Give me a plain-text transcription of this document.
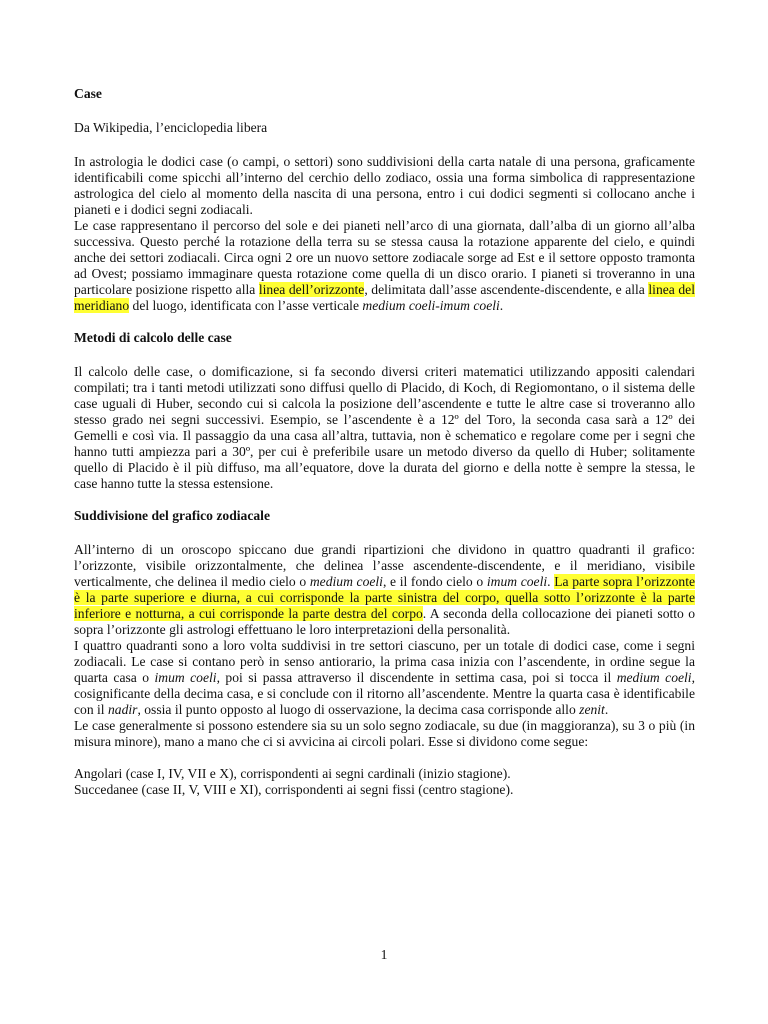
Case

Da Wikipedia, l’enciclopedia libera

In astrologia le dodici case (o campi, o settori) sono suddivisioni della carta natale di una persona, graficamente identificabili come spicchi all’interno del cerchio dello zodiaco, ossia una forma simbolica di rappresentazione astrologica del cielo al momento della nascita di una persona, entro i cui dodici segmenti si collocano anche i pianeti e i dodici segni zodiacali.

Le case rappresentano il percorso del sole e dei pianeti nell’arco di una giornata, dall’alba di un giorno all’alba successiva. Questo perché la rotazione della terra su se stessa causa la rotazione apparente del cielo, e quindi anche dei settori zodiacali. Circa ogni 2 ore un nuovo settore zodiacale sorge ad Est e il settore opposto tramonta ad Ovest; possiamo immaginare questa rotazione come quella di un disco orario. I pianeti si troveranno in una particolare posizione rispetto alla linea dell’orizzonte, delimitata dall’asse ascendente-discendente, e alla linea del meridiano del luogo, identificata con l’asse verticale medium coeli-imum coeli.

Metodi di calcolo delle case

Il calcolo delle case, o domificazione, si fa secondo diversi criteri matematici utilizzando appositi calendari compilati; tra i tanti metodi utilizzati sono diffusi quello di Placido, di Koch, di Regiomontano, o il sistema delle case uguali di Huber, secondo cui si calcola la posizione dell’ascendente e tutte le altre case si troveranno allo stesso grado nei segni successivi. Esempio, se l’ascendente è a 12º del Toro, la seconda casa sarà a 12º dei Gemelli e così via. Il passaggio da una casa all’altra, tuttavia, non è schematico e regolare come per i segni che hanno tutti ampiezza pari a 30º, per cui è preferibile usare un metodo diverso da quello di Huber; solitamente quello di Placido è il più diffuso, ma all’equatore, dove la durata del giorno e della notte è sempre la stessa, le case hanno tutte la stessa estensione.

Suddivisione del grafico zodiacale

All’interno di un oroscopo spiccano due grandi ripartizioni che dividono in quattro quadranti il grafico: l’orizzonte, visibile orizzontalmente, che delinea l’asse ascendente-discendente, e il meridiano, visibile verticalmente, che delinea il medio cielo o medium coeli, e il fondo cielo o imum coeli. La parte sopra l’orizzonte è la parte superiore e diurna, a cui corrisponde la parte sinistra del corpo, quella sotto l’orizzonte è la parte inferiore e notturna, a cui corrisponde la parte destra del corpo. A seconda della collocazione dei pianeti sotto o sopra l’orizzonte gli astrologi effettuano le loro interpretazioni della personalità.

I quattro quadranti sono a loro volta suddivisi in tre settori ciascuno, per un totale di dodici case, come i segni zodiacali. Le case si contano però in senso antiorario, la prima casa inizia con l’ascendente, in ordine segue la quarta casa o imum coeli, poi si passa attraverso il discendente in settima casa, poi si tocca il medium coeli, cosignificante della decima casa, e si conclude con il ritorno all’ascendente. Mentre la quarta casa è identificabile con il nadir, ossia il punto opposto al luogo di osservazione, la decima casa corrisponde allo zenit.

Le case generalmente si possono estendere sia su un solo segno zodiacale, su due (in maggioranza), su 3 o più (in misura minore), mano a mano che ci si avvicina ai circoli polari. Esse si dividono come segue:

Angolari (case I, IV, VII e X), corrispondenti ai segni cardinali (inizio stagione).

Succedanee (case II, V, VIII e XI), corrispondenti ai segni fissi (centro stagione).

1
